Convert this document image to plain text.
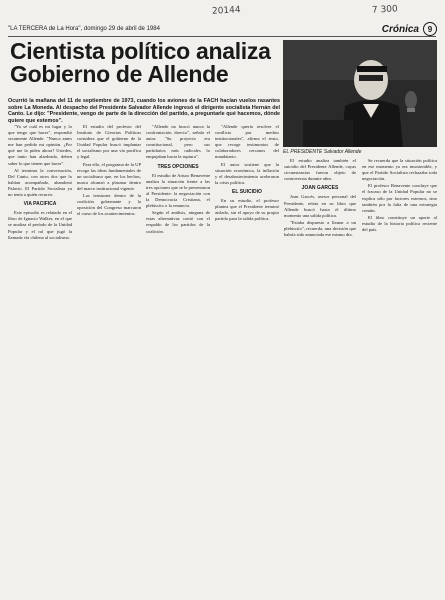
20144	7 300
"LA TERCERA de La Hora", domingo 29 de abril de 1984	Crónica	9
Cientista político analiza Gobierno de Allende
EL PRESIDENTE Salvador Allende
Ocurrió la mañana del 11 de septiembre de 1973, cuando los aviones de la FACH hacían vuelos rasantes sobre La Moneda. Al despacho del Presidente Salvador Allende ingresó el dirigente socialista Hernán del Canto. Le dijo: "Presidente, vengo de parte de la dirección del partido, a preguntarle qué hacemos, dónde quiere que estemos".

"Yo sé cuál es mi lugar y lo que tengo que hacer", respondió secamente Allende. "Nunca antes me han pedido mi opinión. ¿Por qué me la piden ahora? Ustedes, que tanto han alardeado, deben saber lo que tienen que hacer".

Al terminar la conversación, Del Canto, con otros dos que lo habían acompañado, abandonó Palacio. El Partido Socialista ya no tenía a quién recurrir.

VIA PACIFICA

Este episodio es relatado en el libro de Ignacio Walker, en el que se analiza el período de la Unidad Popular y el rol que jugó la llamada vía chilena al socialismo.

El estudio del profesor del Instituto de Ciencias Políticas considera que el gobierno de la Unidad Popular buscó implantar el socialismo por una vía pacífica y legal.

Para ello, el programa de la UP recoge las ideas fundamentales de un socialismo que, en los hechos, nunca alcanzó a plasmar dentro del marco institucional vigente.

Las tensiones dentro de la coalición gobernante y la oposición del Congreso marcaron el curso de los acontecimientos.

"Allende no buscó nunca la confrontación directa", señala el autor. "Su proyecto era constitucional, pero sus partidarios más radicales lo empujaban hacia la ruptura".

TRES OPCIONES

El estudio de Arturo Benavente analiza la situación frente a las tres opciones que se le presentaron al Presidente: la negociación con la Democracia Cristiana, el plebiscito o la renuncia.

Según el análisis, ninguna de estas alternativas contó con el respaldo de los partidos de la coalición.

"Allende quería resolver el conflicto por medios institucionales", afirma el texto, que recoge testimonios de colaboradores cercanos del mandatario.

El autor sostiene que la situación económica, la inflación y el desabastecimiento aceleraron la crisis política.

EL SUICIDIO

En su estudio, el profesor plantea que el Presidente terminó aislado, sin el apoyo de su propio partido para la salida política.

El estudio analiza también el suicidio del Presidente Allende, cuyas circunstancias fueron objeto de controversia durante años.

JOAN GARCES

Joan Garcés, asesor personal del Presidente, relata en su libro que Allende buscó hasta el último momento una salida política.

"Estaba dispuesto a llamar a un plebiscito", recuerda, una decisión que habría sido anunciada ese mismo día.

Se recuerda que la situación política en ese momento ya era insostenible, y que el Partido Socialista rechazaba toda negociación.

El profesor Benavente concluye que el fracaso de la Unidad Popular no se explica sólo por factores externos, sino también por la falta de una estrategia común.

El libro constituye un aporte al estudio de la historia política reciente del país.
